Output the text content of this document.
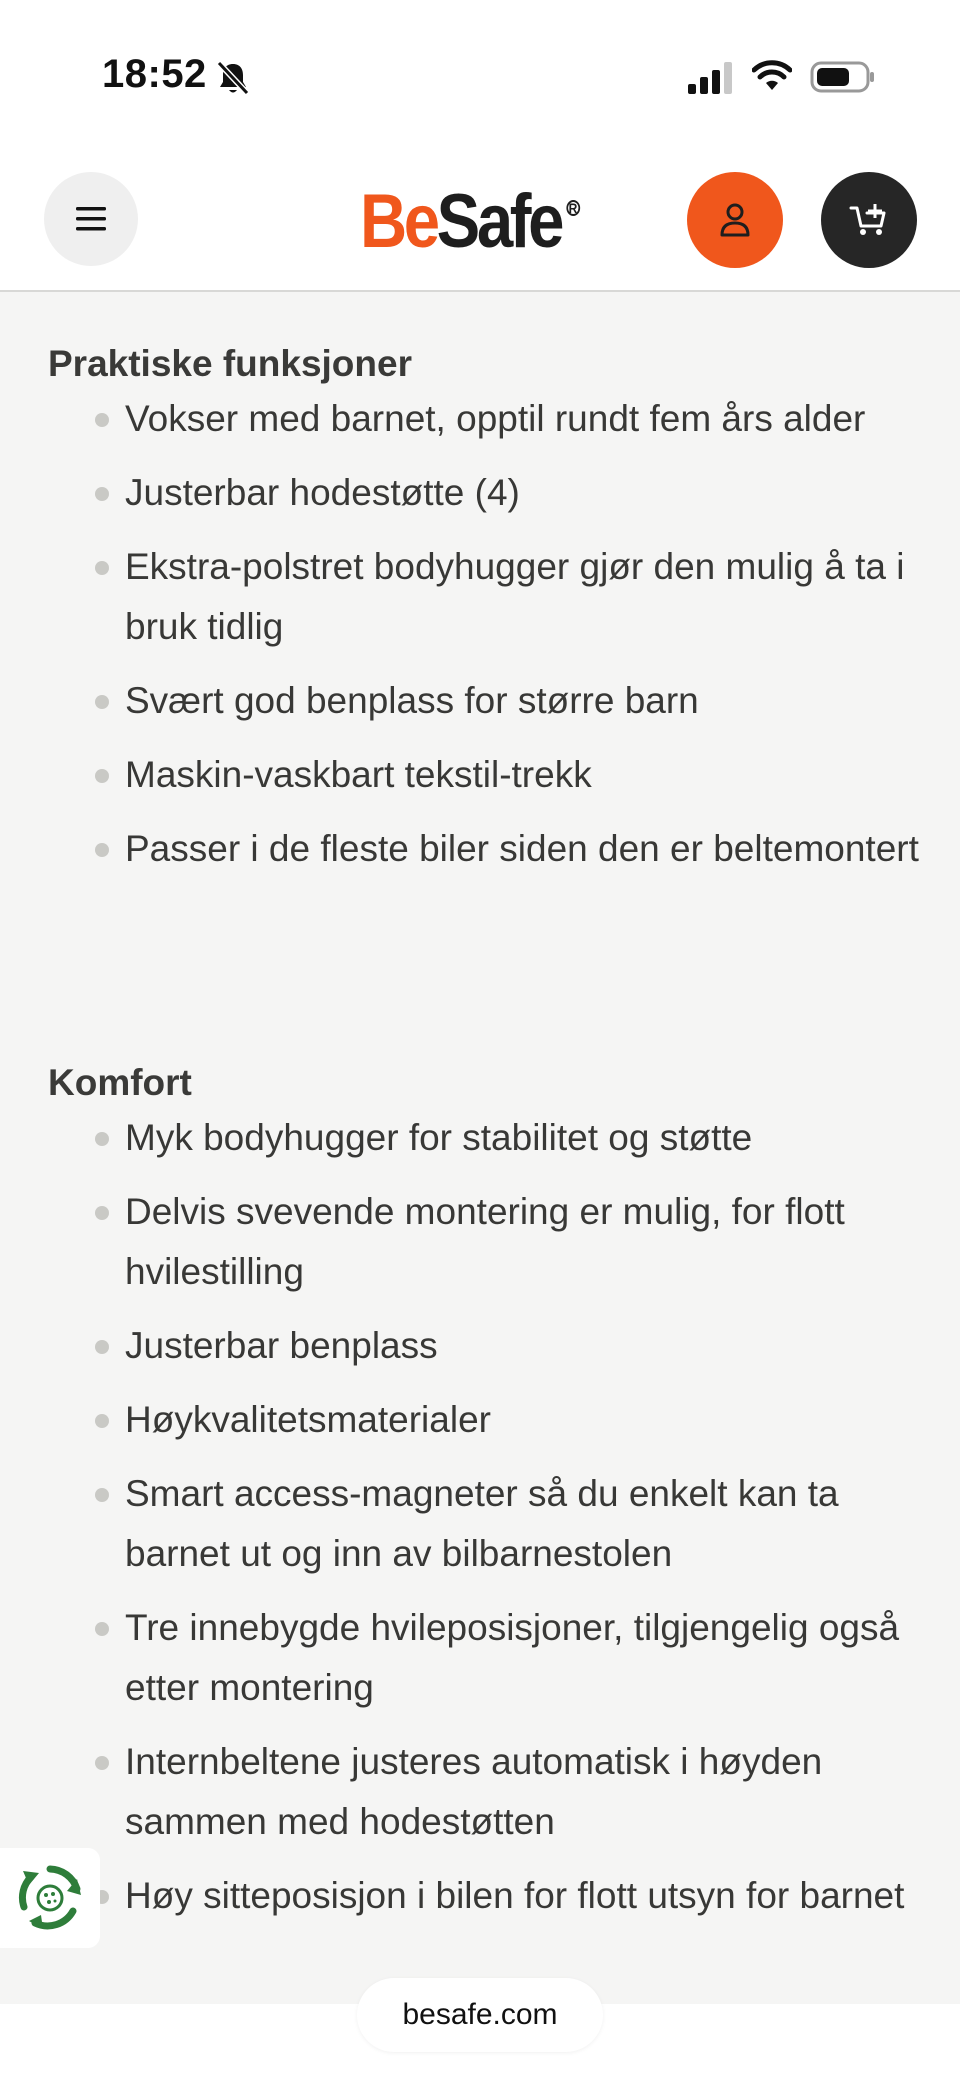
18:52
BeSafe R
Praktiske funksjoner
Vokser med barnet, opptil rundt fem års alder
Justerbar hodestøtte (4)
Ekstra-polstret bodyhugger gjør den mulig å ta i bruk tidlig
Svært god benplass for større barn
Maskin-vaskbart tekstil-trekk
Passer i de fleste biler siden den er beltemontert
Komfort
Myk bodyhugger for stabilitet og støtte
Delvis svevende montering er mulig, for flott hvilestilling
Justerbar benplass
Høykvalitetsmaterialer
Smart access-magneter så du enkelt kan ta barnet ut og inn av bilbarnestolen
Tre innebygde hvileposisjoner, tilgjengelig også etter montering
Internbeltene justeres automatisk i høyden sammen med hodestøtten
Høy sitteposisjon i bilen for flott utsyn for barnet
besafe.com
